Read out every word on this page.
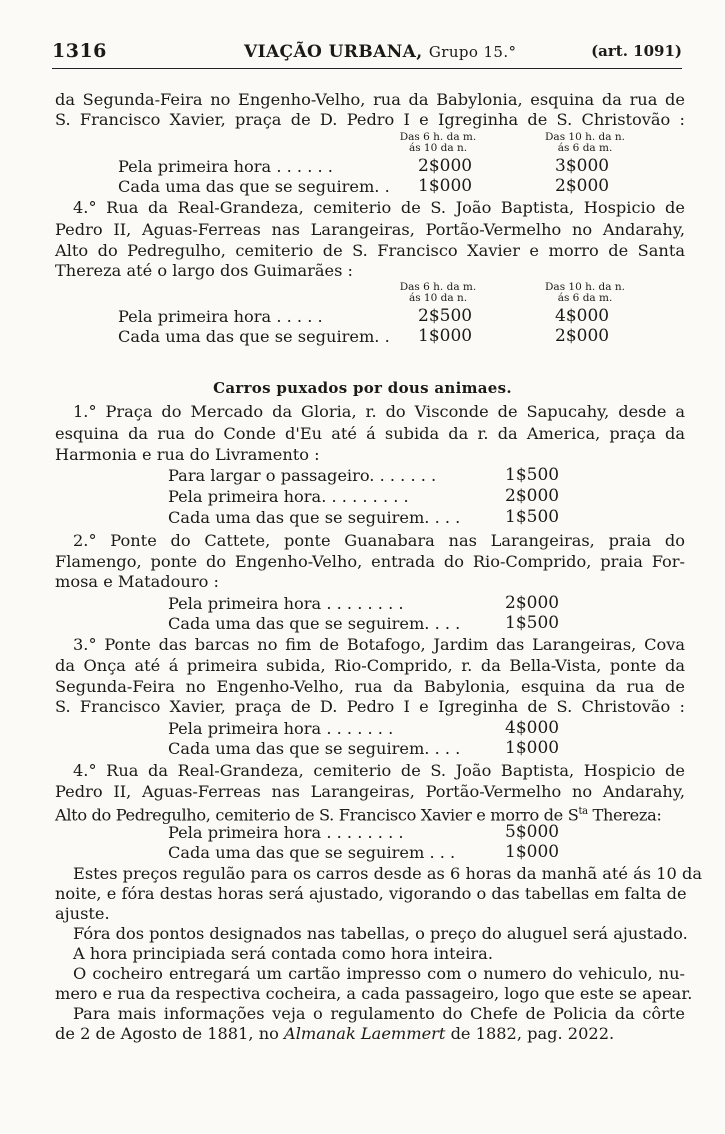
1316	VIAÇÃO URBANA, Grupo 15.°	(art. 1091)
da Segunda-Feira no Engenho-Velho, rua da Babylonia, esquina da rua de
S. Francisco Xavier, praça de D. Pedro I e Igreginha de S. Christovão :
Das 6 h. da m.
ás 10 da n.
Das 10 h. da n.
ás 6 da m.
Pela primeira hora . . . . . .	2$000	3$000
Cada uma das que se seguirem. . 1$000	2$000
4.° Rua da Real-Grandeza, cemiterio de S. João Baptista, Hospicio de
Pedro II, Aguas-Ferreas nas Larangeiras, Portão-Vermelho no Andarahy,
Alto do Pedregulho, cemiterio de S. Francisco Xavier e morro de Santa
Thereza até o largo dos Guimarães :
Das 6 h. da m.
ás 10 da n.
Das 10 h. da n.
ás 6 da m.
Pela primeira hora . . . . .	2$500	4$000
Cada uma das que se seguirem. . 1$000	2$000
Carros puxados por dous animaes.
1.° Praça do Mercado da Gloria, r. do Visconde de Sapucahy, desde a
esquina da rua do Conde d'Eu até á subida da r. da America, praça da
Harmonia e rua do Livramento :
Para largar o passageiro. . . . . . .	1$500
Pela primeira hora. . . . . . . . .	2$000
Cada uma das que se seguirem. . . .	1$500
2.° Ponte do Cattete, ponte Guanabara nas Larangeiras, praia do
Flamengo, ponte do Engenho-Velho, entrada do Rio-Comprido, praia For-
mosa e Matadouro :
Pela primeira hora . . . . . . . .	2$000
Cada uma das que se seguirem. . . .	1$500
3.° Ponte das barcas no fim de Botafogo, Jardim das Larangeiras, Cova
da Onça até á primeira subida, Rio-Comprido, r. da Bella-Vista, ponte da
Segunda-Feira no Engenho-Velho, rua da Babylonia, esquina da rua de
S. Francisco Xavier, praça de D. Pedro I e Igreginha de S. Christovão :
Pela primeira hora . . . . . . .	4$000
Cada uma das que se seguirem. . . .	1$000
4.° Rua da Real-Grandeza, cemiterio de S. João Baptista, Hospicio de
Pedro II, Aguas-Ferreas nas Larangeiras, Portão-Vermelho no Andarahy,
Alto do Pedregulho, cemiterio de S. Francisco Xavier e morro de $S^{ta}$ Thereza:
Pela primeira hora . . . . . . . .	5$000
Cada uma das que se seguirem . . .	1$000
Estes preços regulão para os carros desde as 6 horas da manhã até ás 10 da
noite, e fóra destas horas será ajustado, vigorando o das tabellas em falta de
ajuste.
Fóra dos pontos designados nas tabellas, o preço do aluguel será ajustado.
A hora principiada será contada como hora inteira.
O cocheiro entregará um cartão impresso com o numero do vehiculo, nu-
mero e rua da respectiva cocheira, a cada passageiro, logo que este se apear.
Para mais informações veja o regulamento do Chefe de Policia da côrte
de 2 de Agosto de 1881, no Almanak Laemmert de 1882, pag. 2022.
